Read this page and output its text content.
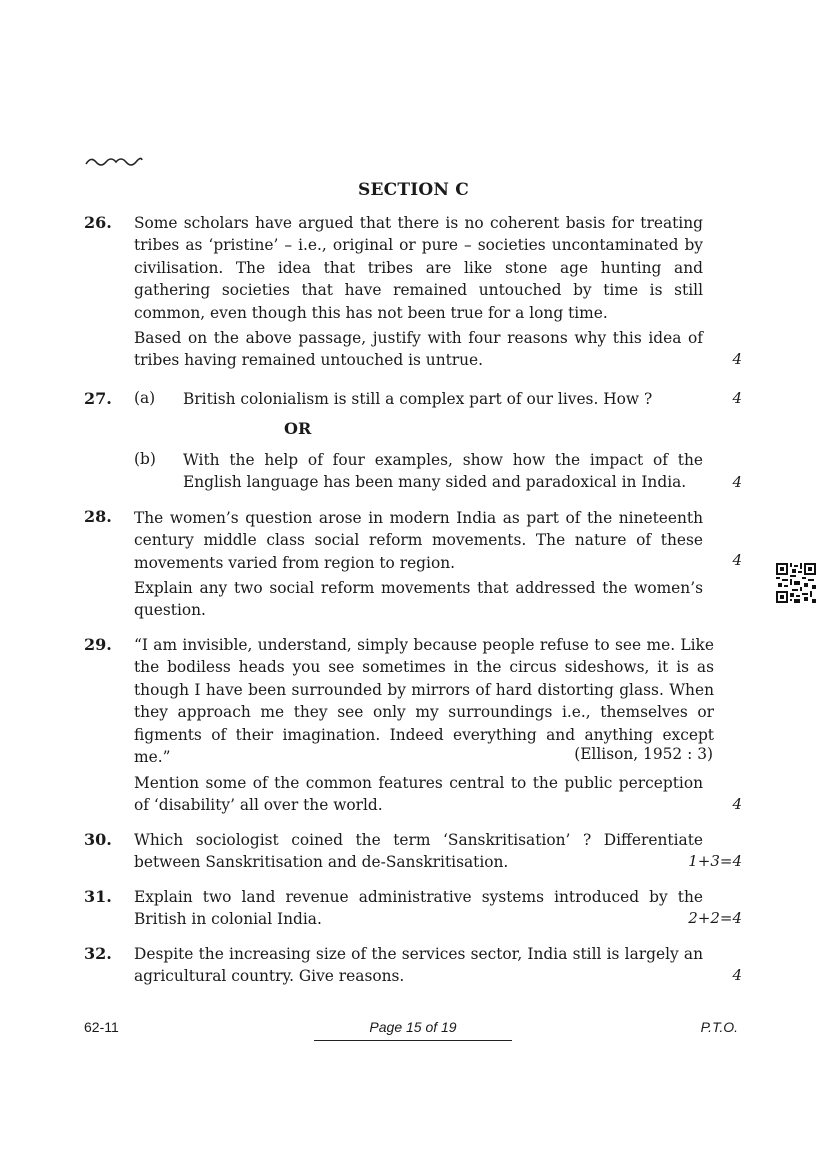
SECTION C
26. Some scholars have argued that there is no coherent basis for treating tribes as ‘pristine’ – i.e., original or pure – societies uncontaminated by civilisation. The idea that tribes are like stone age hunting and gathering societies that have remained untouched by time is still common, even though this has not been true for a long time.
Based on the above passage, justify with four reasons why this idea of tribes having remained untouched is untrue.	4
27. (a) British colonialism is still a complex part of our lives. How ?	4
OR
(b) With the help of four examples, show how the impact of the English language has been many sided and paradoxical in India.	4
28. The women’s question arose in modern India as part of the nineteenth century middle class social reform movements. The nature of these movements varied from region to region.	4
Explain any two social reform movements that addressed the women’s question.
29. “I am invisible, understand, simply because people refuse to see me. Like the bodiless heads you see sometimes in the circus sideshows, it is as though I have been surrounded by mirrors of hard distorting glass. When they approach me they see only my surroundings i.e., themselves or figments of their imagination. Indeed everything and anything except me.”	(Ellison, 1952 : 3)
Mention some of the common features central to the public perception of ‘disability’ all over the world.	4
30. Which sociologist coined the term ‘Sanskritisation’ ? Differentiate between Sanskritisation and de-Sanskritisation.	1+3=4
31. Explain two land revenue administrative systems introduced by the British in colonial India.	2+2=4
32. Despite the increasing size of the services sector, India still is largely an agricultural country. Give reasons.	4
62-11	Page 15 of 19	P.T.O.
